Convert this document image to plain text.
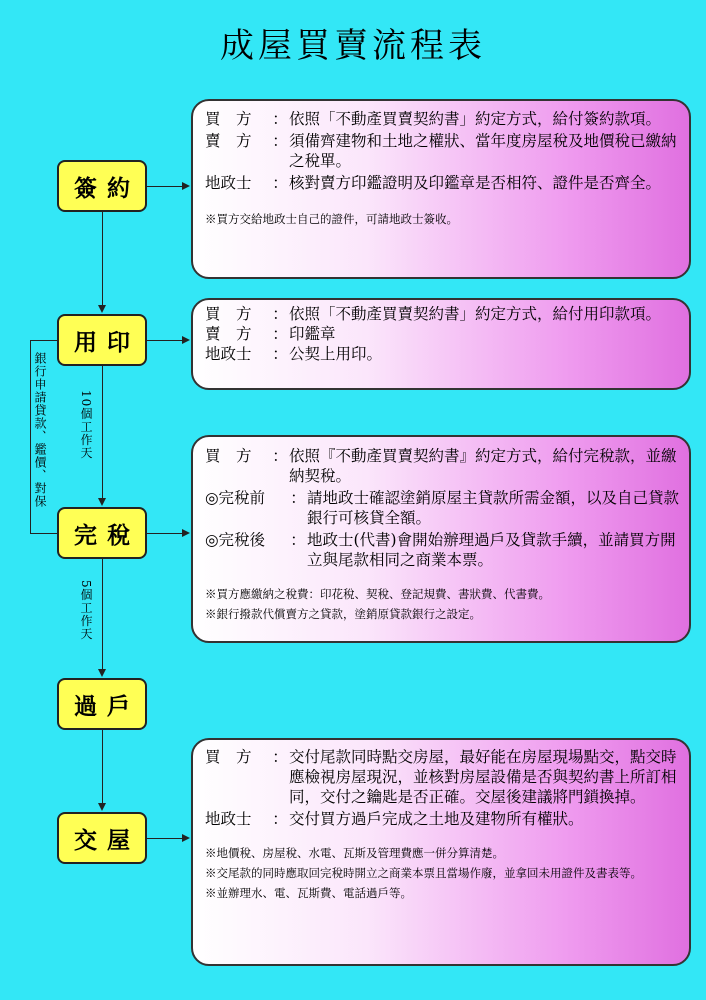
成屋買賣流程表
簽約
用印
完稅
過戶
交屋
銀行申請貸款、鑑價、對保	10個工作天
5個工作天
買　方	： 依照「不動產買賣契約書」約定方式，給付簽約款項。
賣　方	： 須備齊建物和土地之權狀、當年度房屋稅及地價稅已繳納之稅單。
地政士	： 核對賣方印鑑證明及印鑑章是否相符、證件是否齊全。
※買方交給地政士自己的證件，可請地政士簽收。
買　方	： 依照「不動產買賣契約書」約定方式，給付用印款項。
賣　方	： 印鑑章
地政士	： 公契上用印。
買　方	： 依照『不動產買賣契約書』約定方式，給付完稅款，並繳納契稅。
◎完稅前	： 請地政士確認塗銷原屋主貸款所需金額，以及自己貸款銀行可核貸全額。
◎完稅後	： 地政士(代書)會開始辦理過戶及貸款手續，並請買方開立與尾款相同之商業本票。
※買方應繳納之稅費：印花稅、契稅、登記規費、書狀費、代書費。
※銀行撥款代償賣方之貸款，塗銷原貸款銀行之設定。
買　方	： 交付尾款同時點交房屋，最好能在房屋現場點交，點交時應檢視房屋現況，並核對房屋設備是否與契約書上所訂相同，交付之鑰匙是否正確。交屋後建議將門鎖換掉。
地政士	： 交付買方過戶完成之土地及建物所有權狀。
※地價稅、房屋稅、水電、瓦斯及管理費應一併分算清楚。
※交尾款的同時應取回完稅時開立之商業本票且當場作廢，並拿回未用證件及書表等。
※並辦理水、電、瓦斯費、電話過戶等。
